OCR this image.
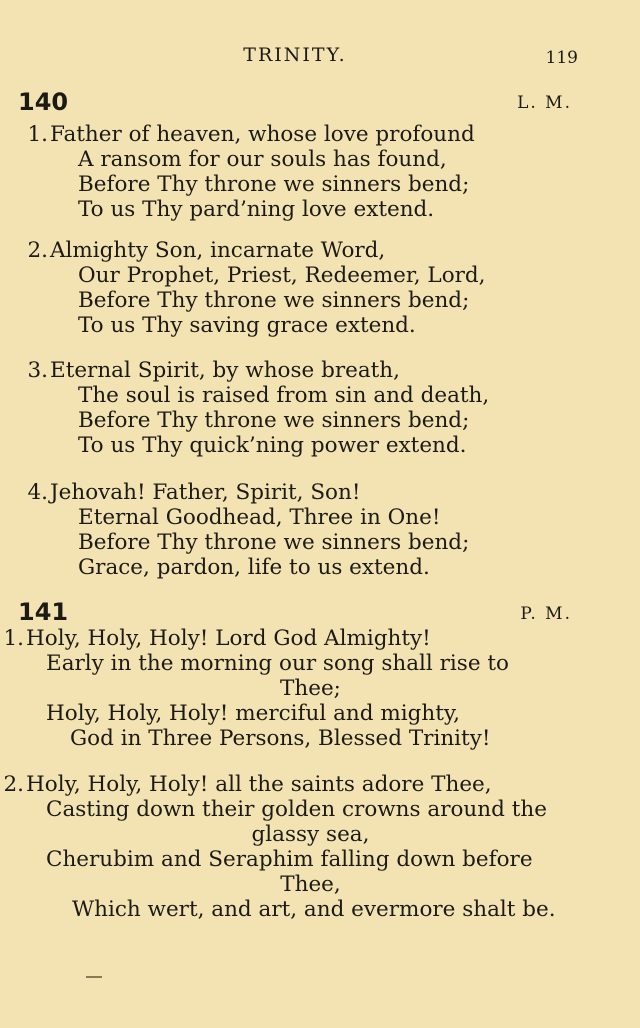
TRINITY.	119
140	L. M.
1.Father of heaven, whose love profound
A ransom for our souls has found,
Before Thy throne we sinners bend;
To us Thy pard’ning love extend.
2.Almighty Son, incarnate Word,
Our Prophet, Priest, Redeemer, Lord,
Before Thy throne we sinners bend;
To us Thy saving grace extend.
3.Eternal Spirit, by whose breath,
The soul is raised from sin and death,
Before Thy throne we sinners bend;
To us Thy quick’ning power extend.
4.Jehovah! Father, Spirit, Son!
Eternal Goodhead, Three in One!
Before Thy throne we sinners bend;
Grace, pardon, life to us extend.
141	P. M.
1.Holy, Holy, Holy! Lord God Almighty!
Early in the morning our song shall rise to
Thee;
Holy, Holy, Holy! merciful and mighty,
God in Three Persons, Blessed Trinity!
2.Holy, Holy, Holy! all the saints adore Thee,
Casting down their golden crowns around the
glassy sea,
Cherubim and Seraphim falling down before
Thee,
Which wert, and art, and evermore shalt be.
